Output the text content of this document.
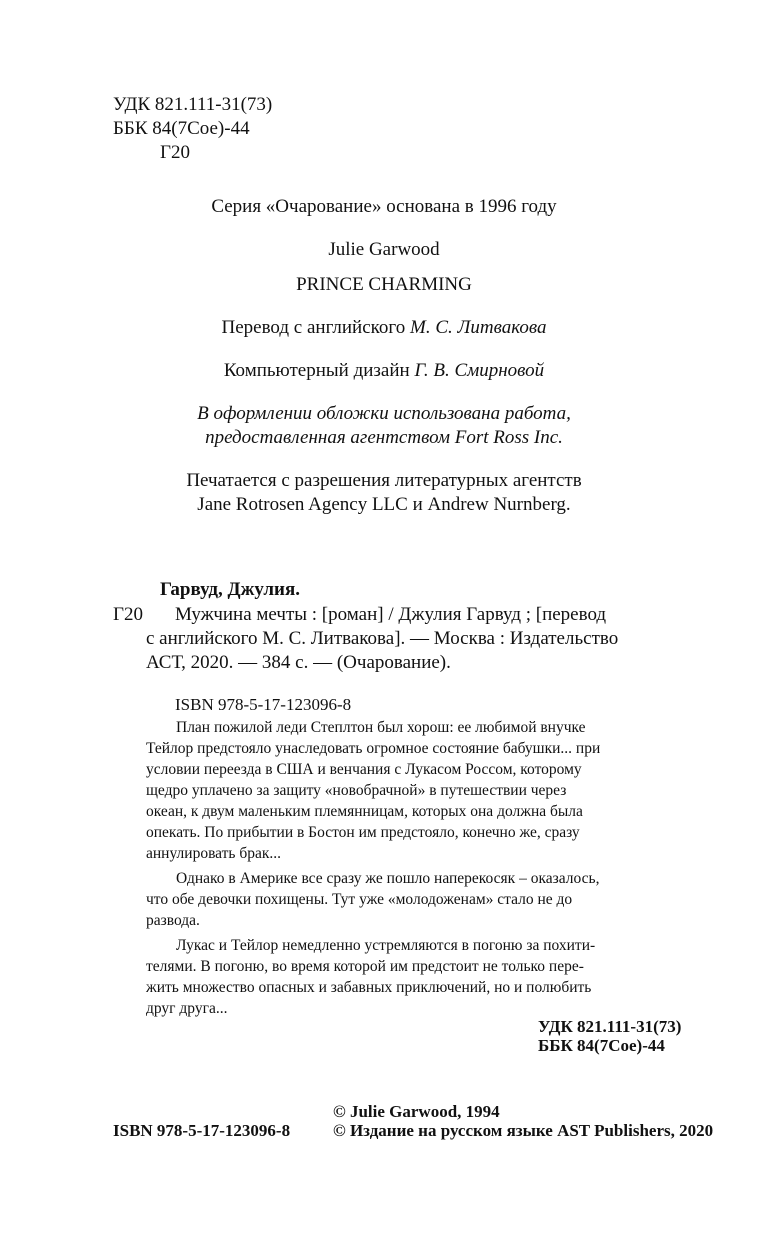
УДК 821.111-31(73)
ББК 84(7Сое)-44
Г20
Серия «Очарование» основана в 1996 году
Julie Garwood
PRINCE CHARMING
Перевод с английского М. С. Литвакова
Компьютерный дизайн Г. В. Смирновой
В оформлении обложки использована работа,
предоставленная агентством Fort Ross Inc.
Печатается с разрешения литературных агентств
Jane Rotrosen Agency LLC и Andrew Nurnberg.
Гарвуд, Джулия.
Г20 Мужчина мечты : [роман] / Джулия Гарвуд ; [перевод
с английского М. С. Литвакова]. — Москва : Издательство
АСТ, 2020. — 384 с. — (Очарование).
ISBN 978-5-17-123096-8
План пожилой леди Степлтон был хорош: ее любимой внучке
Тейлор предстояло унаследовать огромное состояние бабушки... при
условии переезда в США и венчания с Лукасом Россом, которому
щедро уплачено за защиту «новобрачной» в путешествии через
океан, к двум маленьким племянницам, которых она должна была
опекать. По прибытии в Бостон им предстояло, конечно же, сразу
аннулировать брак...
Однако в Америке все сразу же пошло наперекосяк – оказалось,
что обе девочки похищены. Тут уже «молодоженам» стало не до
развода.
Лукас и Тейлор немедленно устремляются в погоню за похити-
телями. В погоню, во время которой им предстоит не только пере-
жить множество опасных и забавных приключений, но и полюбить
друг друга...
УДК 821.111-31(73)
ББК 84(7Сое)-44
© Julie Garwood, 1994
ISBN 978-5-17-123096-8	© Издание на русском языке AST Publishers, 2020
